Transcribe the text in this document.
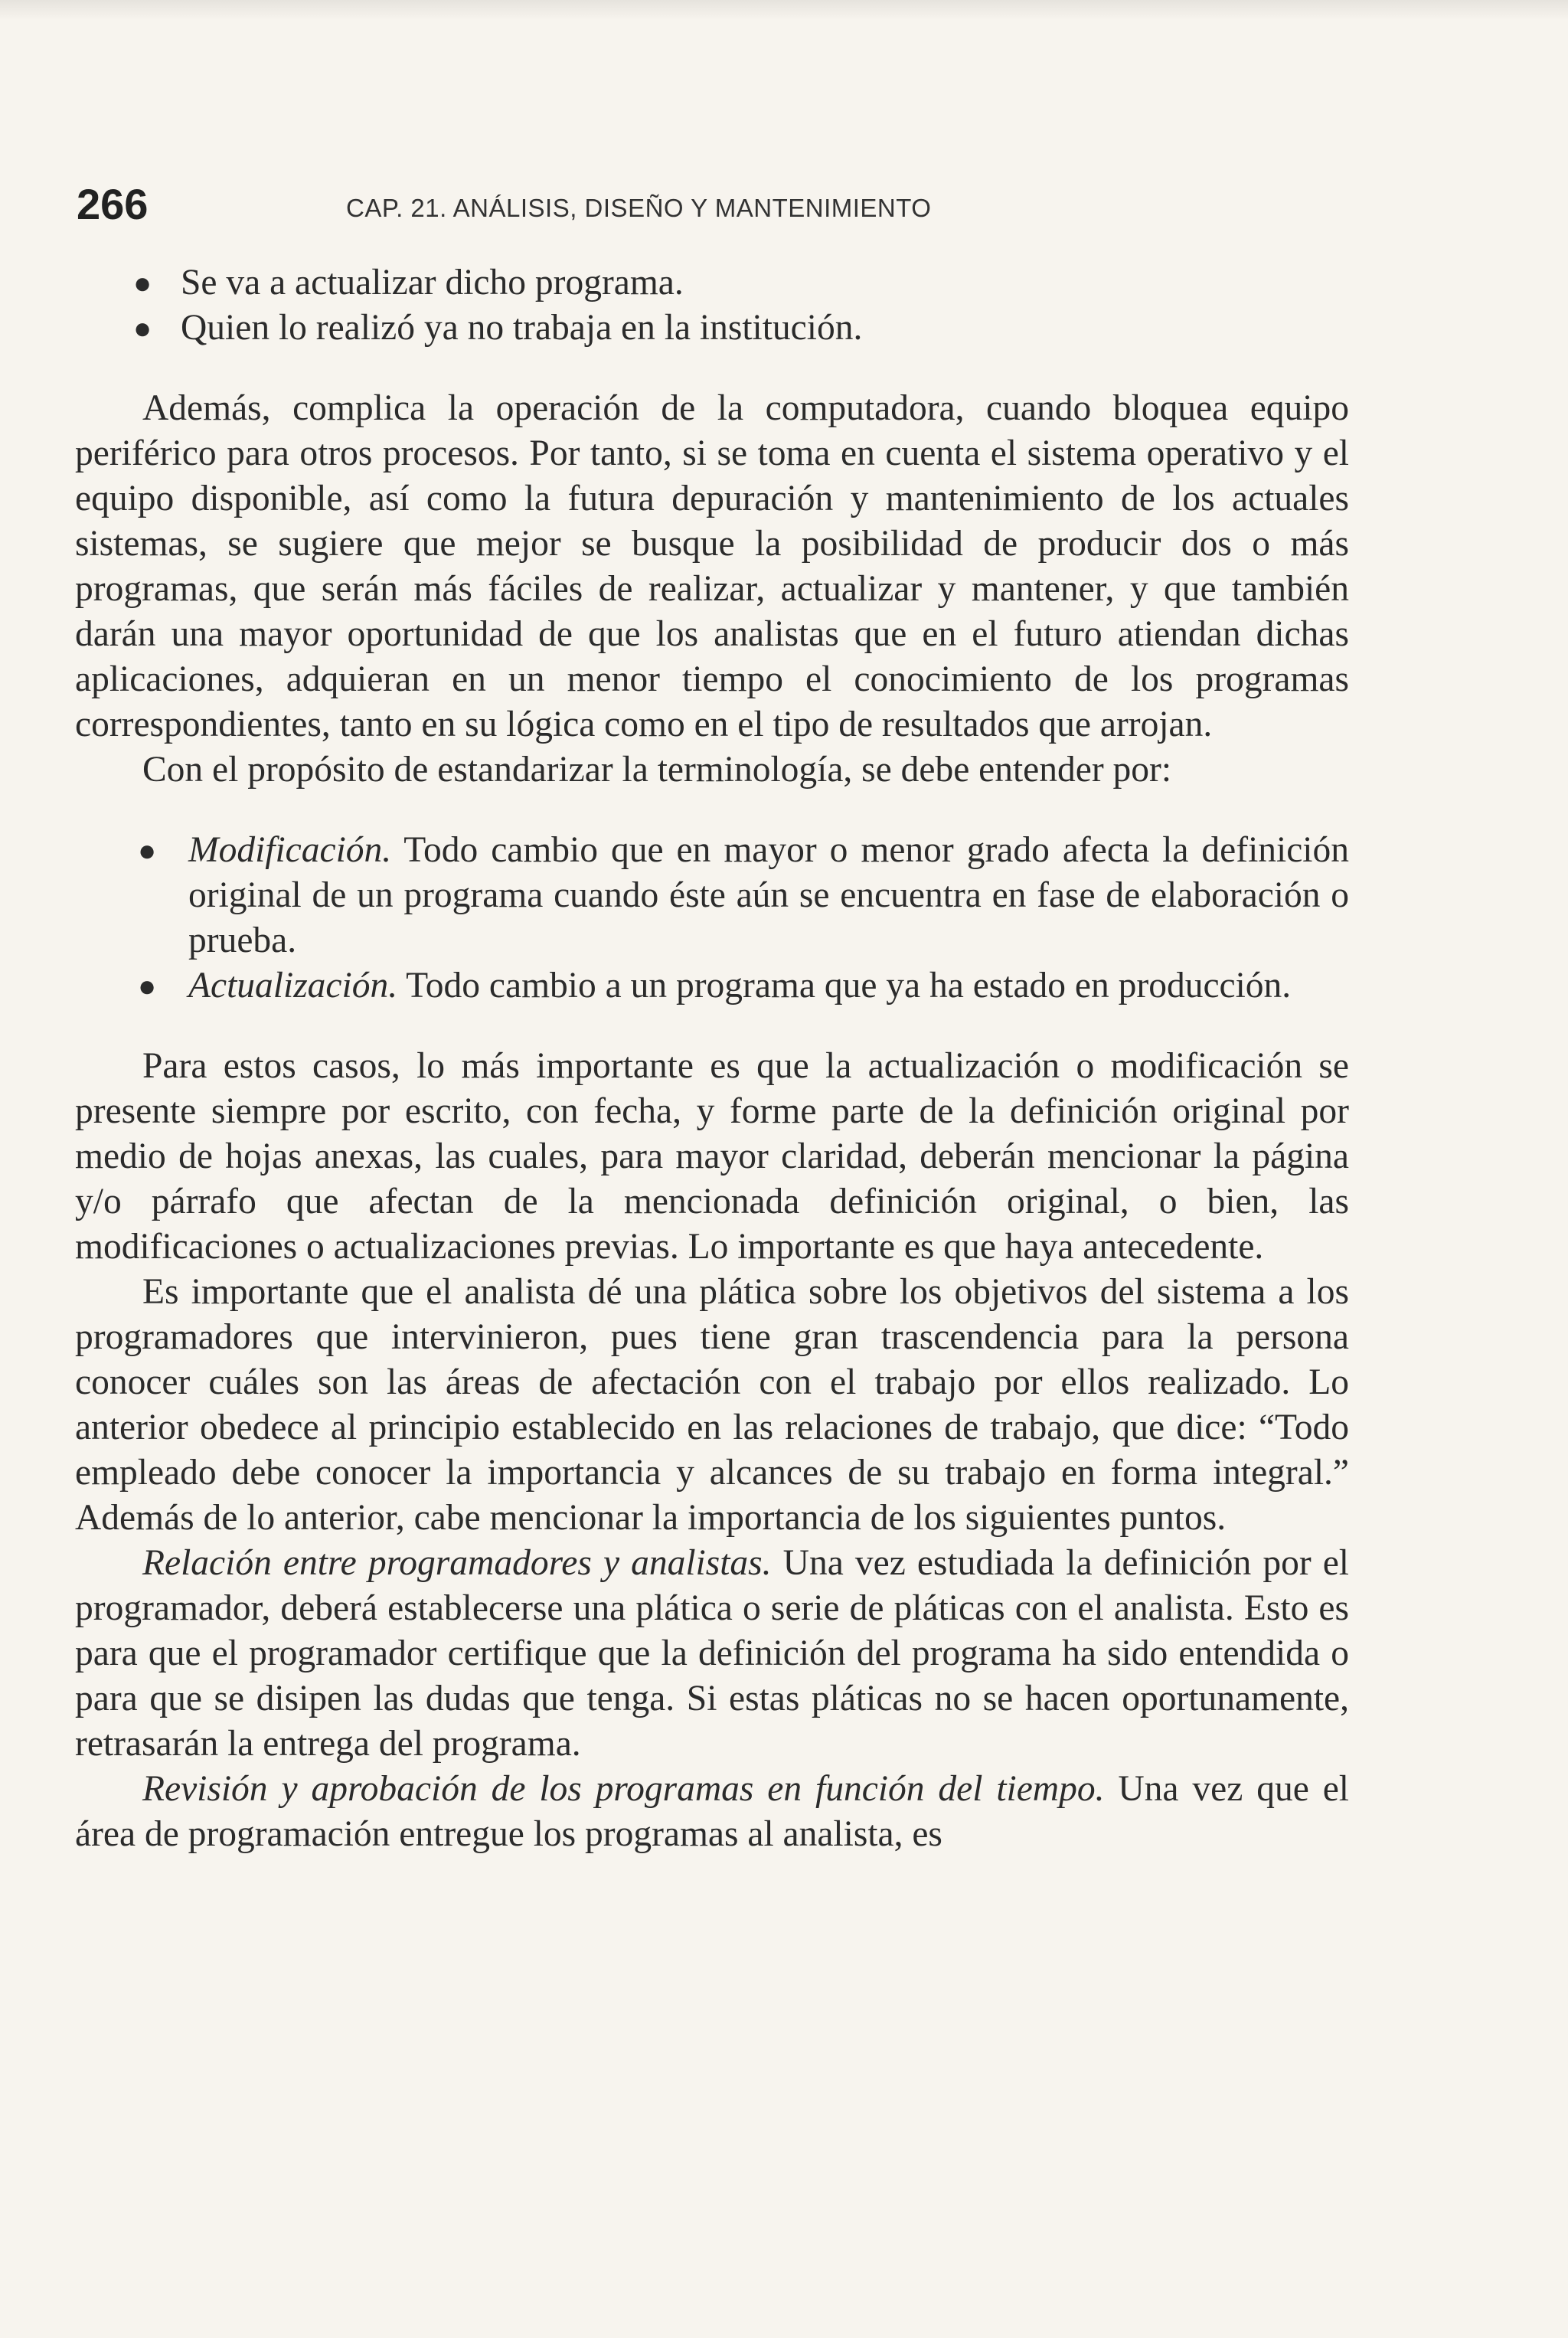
266	CAP. 21. ANÁLISIS, DISEÑO Y MANTENIMIENTO
● Se va a actualizar dicho programa.
● Quien lo realizó ya no trabaja en la institución.

Además, complica la operación de la computadora, cuando bloquea equipo periférico para otros procesos. Por tanto, si se toma en cuenta el sistema operativo y el equipo disponible, así como la futura depuración y mantenimiento de los actuales sistemas, se sugiere que mejor se busque la posibilidad de producir dos o más programas, que serán más fáciles de realizar, actualizar y mantener, y que también darán una mayor oportunidad de que los analistas que en el futuro atiendan dichas aplicaciones, adquieran en un menor tiempo el conocimiento de los programas correspondientes, tanto en su lógica como en el tipo de resultados que arrojan.

Con el propósito de estandarizar la terminología, se debe entender por:

● Modificación. Todo cambio que en mayor o menor grado afecta la definición original de un programa cuando éste aún se encuentra en fase de elaboración o prueba.
● Actualización. Todo cambio a un programa que ya ha estado en producción.

Para estos casos, lo más importante es que la actualización o modificación se presente siempre por escrito, con fecha, y forme parte de la definición original por medio de hojas anexas, las cuales, para mayor claridad, deberán mencionar la página y/o párrafo que afectan de la mencionada definición original, o bien, las modificaciones o actualizaciones previas. Lo importante es que haya antecedente.

Es importante que el analista dé una plática sobre los objetivos del sistema a los programadores que intervinieron, pues tiene gran trascendencia para la persona conocer cuáles son las áreas de afectación con el trabajo por ellos realizado. Lo anterior obedece al principio establecido en las relaciones de trabajo, que dice: “Todo empleado debe conocer la importancia y alcances de su trabajo en forma integral.” Además de lo anterior, cabe mencionar la importancia de los siguientes puntos.

Relación entre programadores y analistas. Una vez estudiada la definición por el programador, deberá establecerse una plática o serie de pláticas con el analista. Esto es para que el programador certifique que la definición del programa ha sido entendida o para que se disipen las dudas que tenga. Si estas pláticas no se hacen oportunamente, retrasarán la entrega del programa.

Revisión y aprobación de los programas en función del tiempo. Una vez que el área de programación entregue los programas al analista, es
